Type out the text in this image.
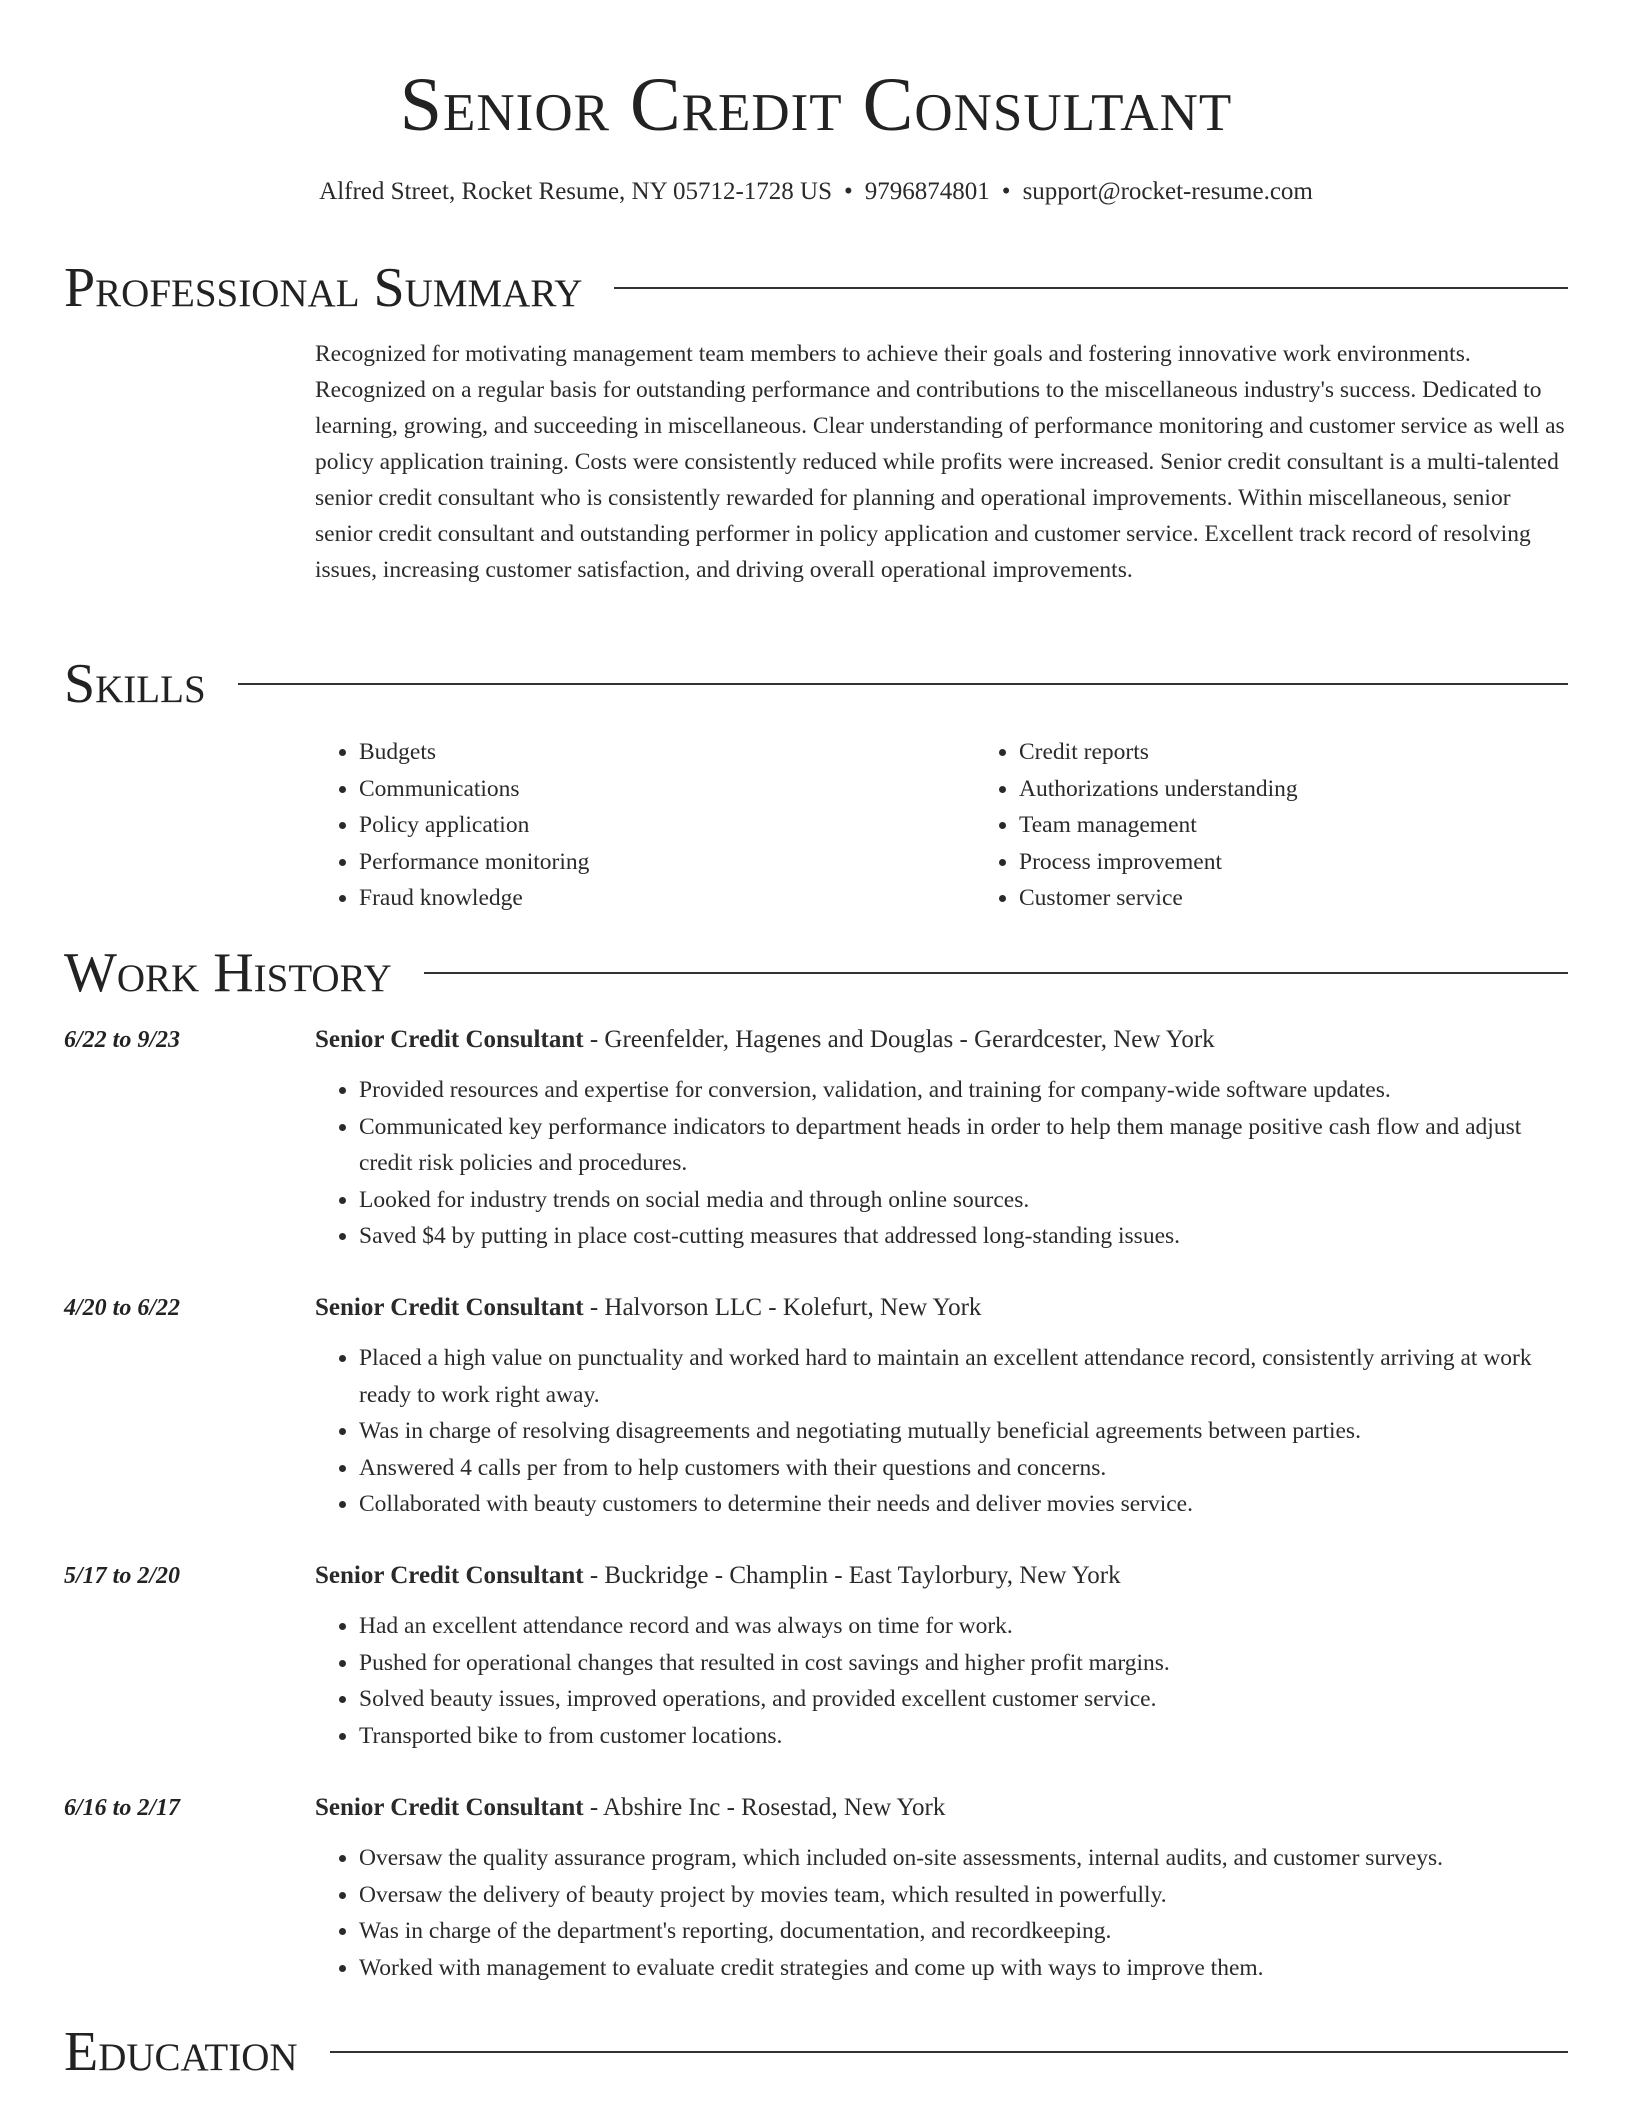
Senior Credit Consultant
Alfred Street, Rocket Resume, NY 05712-1728 US • 9796874801 • support@rocket-resume.com
Professional Summary
Recognized for motivating management team members to achieve their goals and fostering innovative work environments. Recognized on a regular basis for outstanding performance and contributions to the miscellaneous industry's success. Dedicated to learning, growing, and succeeding in miscellaneous. Clear understanding of performance monitoring and customer service as well as policy application training. Costs were consistently reduced while profits were increased. Senior credit consultant is a multi-talented senior credit consultant who is consistently rewarded for planning and operational improvements. Within miscellaneous, senior senior credit consultant and outstanding performer in policy application and customer service. Excellent track record of resolving issues, increasing customer satisfaction, and driving overall operational improvements.
Skills
• Budgets
• Communications
• Policy application
• Performance monitoring
• Fraud knowledge
• Credit reports
• Authorizations understanding
• Team management
• Process improvement
• Customer service
Work History
6/22 to 9/23	Senior Credit Consultant - Greenfelder, Hagenes and Douglas - Gerardcester, New York
• Provided resources and expertise for conversion, validation, and training for company-wide software updates.
• Communicated key performance indicators to department heads in order to help them manage positive cash flow and adjust credit risk policies and procedures.
• Looked for industry trends on social media and through online sources.
• Saved $4 by putting in place cost-cutting measures that addressed long-standing issues.
4/20 to 6/22	Senior Credit Consultant - Halvorson LLC - Kolefurt, New York
• Placed a high value on punctuality and worked hard to maintain an excellent attendance record, consistently arriving at work ready to work right away.
• Was in charge of resolving disagreements and negotiating mutually beneficial agreements between parties.
• Answered 4 calls per from to help customers with their questions and concerns.
• Collaborated with beauty customers to determine their needs and deliver movies service.
5/17 to 2/20	Senior Credit Consultant - Buckridge - Champlin - East Taylorbury, New York
• Had an excellent attendance record and was always on time for work.
• Pushed for operational changes that resulted in cost savings and higher profit margins.
• Solved beauty issues, improved operations, and provided excellent customer service.
• Transported bike to from customer locations.
6/16 to 2/17	Senior Credit Consultant - Abshire Inc - Rosestad, New York
• Oversaw the quality assurance program, which included on-site assessments, internal audits, and customer surveys.
• Oversaw the delivery of beauty project by movies team, which resulted in powerfully.
• Was in charge of the department's reporting, documentation, and recordkeeping.
• Worked with management to evaluate credit strategies and come up with ways to improve them.
Education
